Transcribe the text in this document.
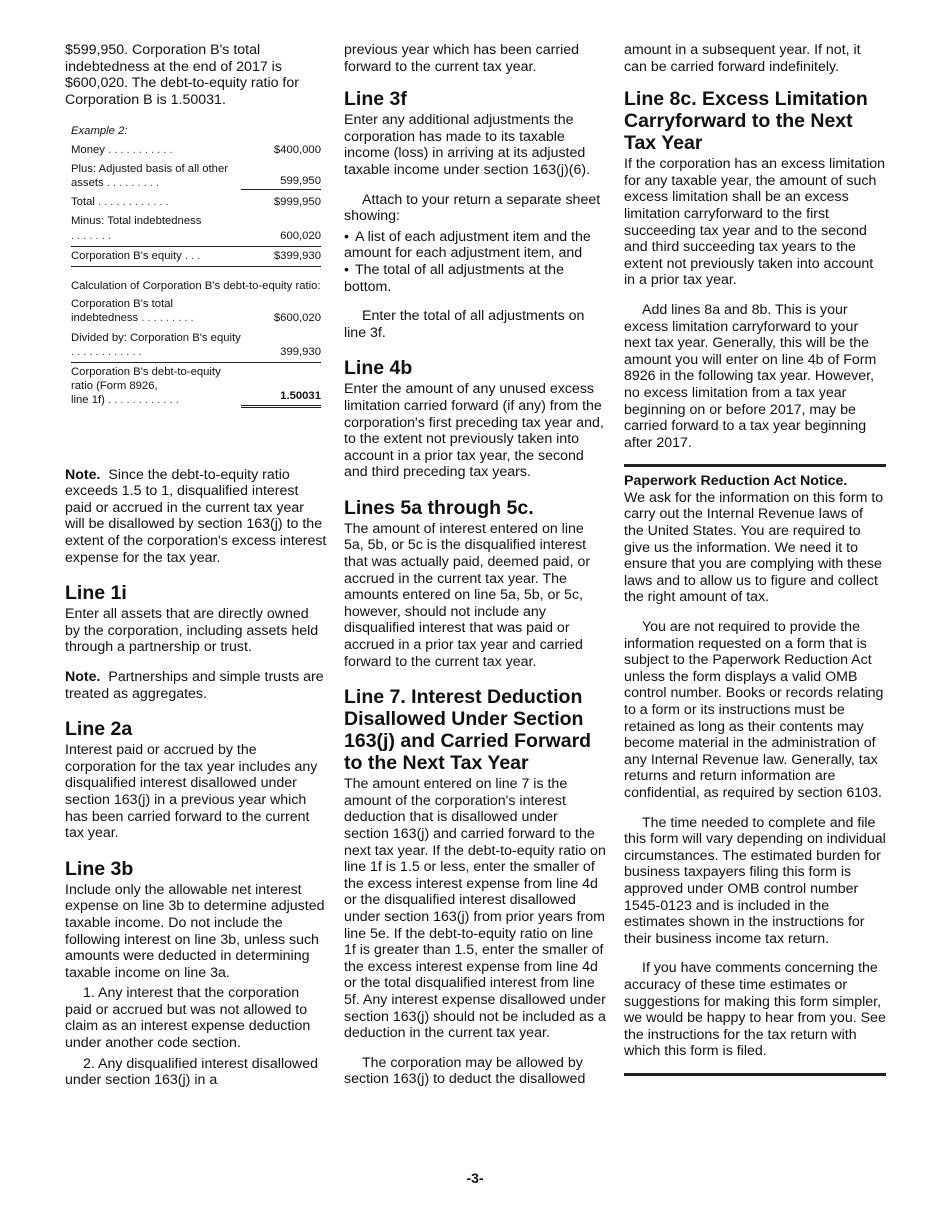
$599,950. Corporation B's total indebtedness at the end of 2017 is $600,020. The debt-to-equity ratio for Corporation B is 1.50031.

Example 2:
Money ...........	$400,000
Plus: Adjusted basis of all other assets .........	599,950
Total ............	$999,950
Minus: Total indebtedness .......	600,020
Corporation B's equity ...	$399,930
Calculation of Corporation B's debt-to-equity ratio:
Corporation B's total indebtedness .........	$600,020
Divided by: Corporation B's equity ............	399,930
Corporation B's debt-to-equity ratio (Form 8926,
line 1f) ............	1.50031

Note. Since the debt-to-equity ratio exceeds 1.5 to 1, disqualified interest paid or accrued in the current tax year will be disallowed by section 163(j) to the extent of the corporation's excess interest expense for the tax year.

Line 1i

Enter all assets that are directly owned by the corporation, including assets held through a partnership or trust.

Note. Partnerships and simple trusts are treated as aggregates.

Line 2a

Interest paid or accrued by the corporation for the tax year includes any disqualified interest disallowed under section 163(j) in a previous year which has been carried forward to the current tax year.

Line 3b

Include only the allowable net interest expense on line 3b to determine adjusted taxable income. Do not include the following interest on line 3b, unless such amounts were deducted in determining taxable income on line 3a.

1. Any interest that the corporation paid or accrued but was not allowed to claim as an interest expense deduction under another code section.

2. Any disqualified interest disallowed under section 163(j) in a

previous year which has been carried forward to the current tax year.

Line 3f

Enter any additional adjustments the corporation has made to its taxable income (loss) in arriving at its adjusted taxable income under section 163(j)(6).

Attach to your return a separate sheet showing:

• A list of each adjustment item and the amount for each adjustment item, and
• The total of all adjustments at the bottom.

Enter the total of all adjustments on line 3f.

Line 4b

Enter the amount of any unused excess limitation carried forward (if any) from the corporation's first preceding tax year and, to the extent not previously taken into account in a prior tax year, the second and third preceding tax years.

Lines 5a through 5c.

The amount of interest entered on line 5a, 5b, or 5c is the disqualified interest that was actually paid, deemed paid, or accrued in the current tax year. The amounts entered on line 5a, 5b, or 5c, however, should not include any disqualified interest that was paid or accrued in a prior tax year and carried forward to the current tax year.

Line 7. Interest Deduction Disallowed Under Section 163(j) and Carried Forward to the Next Tax Year

The amount entered on line 7 is the amount of the corporation's interest deduction that is disallowed under section 163(j) and carried forward to the next tax year. If the debt-to-equity ratio on line 1f is 1.5 or less, enter the smaller of the excess interest expense from line 4d or the disqualified interest disallowed under section 163(j) from prior years from line 5e. If the debt-to-equity ratio on line 1f is greater than 1.5, enter the smaller of the excess interest expense from line 4d or the total disqualified interest from line 5f. Any interest expense disallowed under section 163(j) should not be included as a deduction in the current tax year.

The corporation may be allowed by section 163(j) to deduct the disallowed

amount in a subsequent year. If not, it can be carried forward indefinitely.

Line 8c. Excess Limitation Carryforward to the Next Tax Year

If the corporation has an excess limitation for any taxable year, the amount of such excess limitation shall be an excess limitation carryforward to the first succeeding tax year and to the second and third succeeding tax years to the extent not previously taken into account in a prior tax year.

Add lines 8a and 8b. This is your excess limitation carryforward to your next tax year. Generally, this will be the amount you will enter on line 4b of Form 8926 in the following tax year. However, no excess limitation from a tax year beginning on or before 2017, may be carried forward to a tax year beginning after 2017.

Paperwork Reduction Act Notice.
We ask for the information on this form to carry out the Internal Revenue laws of the United States. You are required to give us the information. We need it to ensure that you are complying with these laws and to allow us to figure and collect the right amount of tax.

You are not required to provide the information requested on a form that is subject to the Paperwork Reduction Act unless the form displays a valid OMB control number. Books or records relating to a form or its instructions must be retained as long as their contents may become material in the administration of any Internal Revenue law. Generally, tax returns and return information are confidential, as required by section 6103.

The time needed to complete and file this form will vary depending on individual circumstances. The estimated burden for business taxpayers filing this form is approved under OMB control number 1545-0123 and is included in the estimates shown in the instructions for their business income tax return.

If you have comments concerning the accuracy of these time estimates or suggestions for making this form simpler, we would be happy to hear from you. See the instructions for the tax return with which this form is filed.

-3-
